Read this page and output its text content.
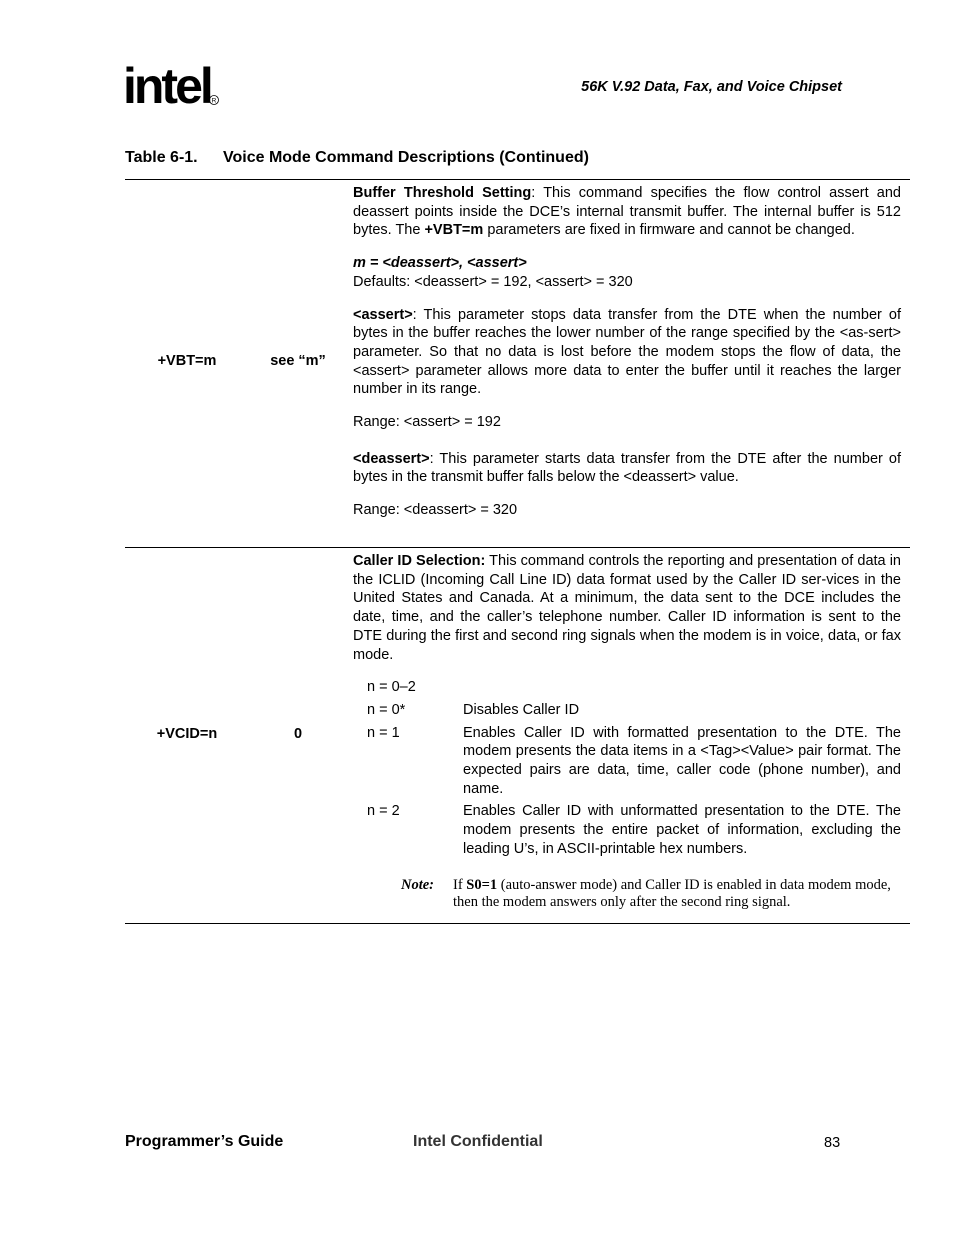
intel R
56K V.92 Data, Fax, and Voice Chipset
Table 6-1. Voice Mode Command Descriptions (Continued)
+VBT=m	see “m”

Buffer Threshold Setting: This command specifies the flow control assert and deassert points inside the DCE’s internal transmit buffer. The internal buffer is 512 bytes. The +VBT=m parameters are fixed in firmware and cannot be changed.

m = <deassert>, <assert>
Defaults: <deassert> = 192, <assert> = 320

<assert>: This parameter stops data transfer from the DTE when the number of bytes in the buffer reaches the lower number of the range specified by the <as-sert> parameter. So that no data is lost before the modem stops the flow of data, the <assert> parameter allows more data to enter the buffer until it reaches the larger number in its range.

Range: <assert> = 192

<deassert>: This parameter starts data transfer from the DTE after the number of bytes in the transmit buffer falls below the <deassert> value.

Range: <deassert> = 320

+VCID=n	0

Caller ID Selection: This command controls the reporting and presentation of data in the ICLID (Incoming Call Line ID) data format used by the Caller ID ser-vices in the United States and Canada. At a minimum, the data sent to the DCE includes the date, time, and the caller’s telephone number. Caller ID information is sent to the DTE during the first and second ring signals when the modem is in voice, data, or fax mode.

n = 0–2
n = 0*	Disables Caller ID
n = 1	Enables Caller ID with formatted presentation to the DTE. The modem presents the data items in a <Tag><Value> pair format. The expected pairs are data, time, caller code (phone number), and name.
n = 2	Enables Caller ID with unformatted presentation to the DTE. The modem presents the entire packet of information, excluding the leading U’s, in ASCII-printable hex numbers.
Note:	If S0=1 (auto-answer mode) and Caller ID is enabled in data modem mode, then the modem answers only after the second ring signal.
Programmer’s Guide	Intel Confidential	83
